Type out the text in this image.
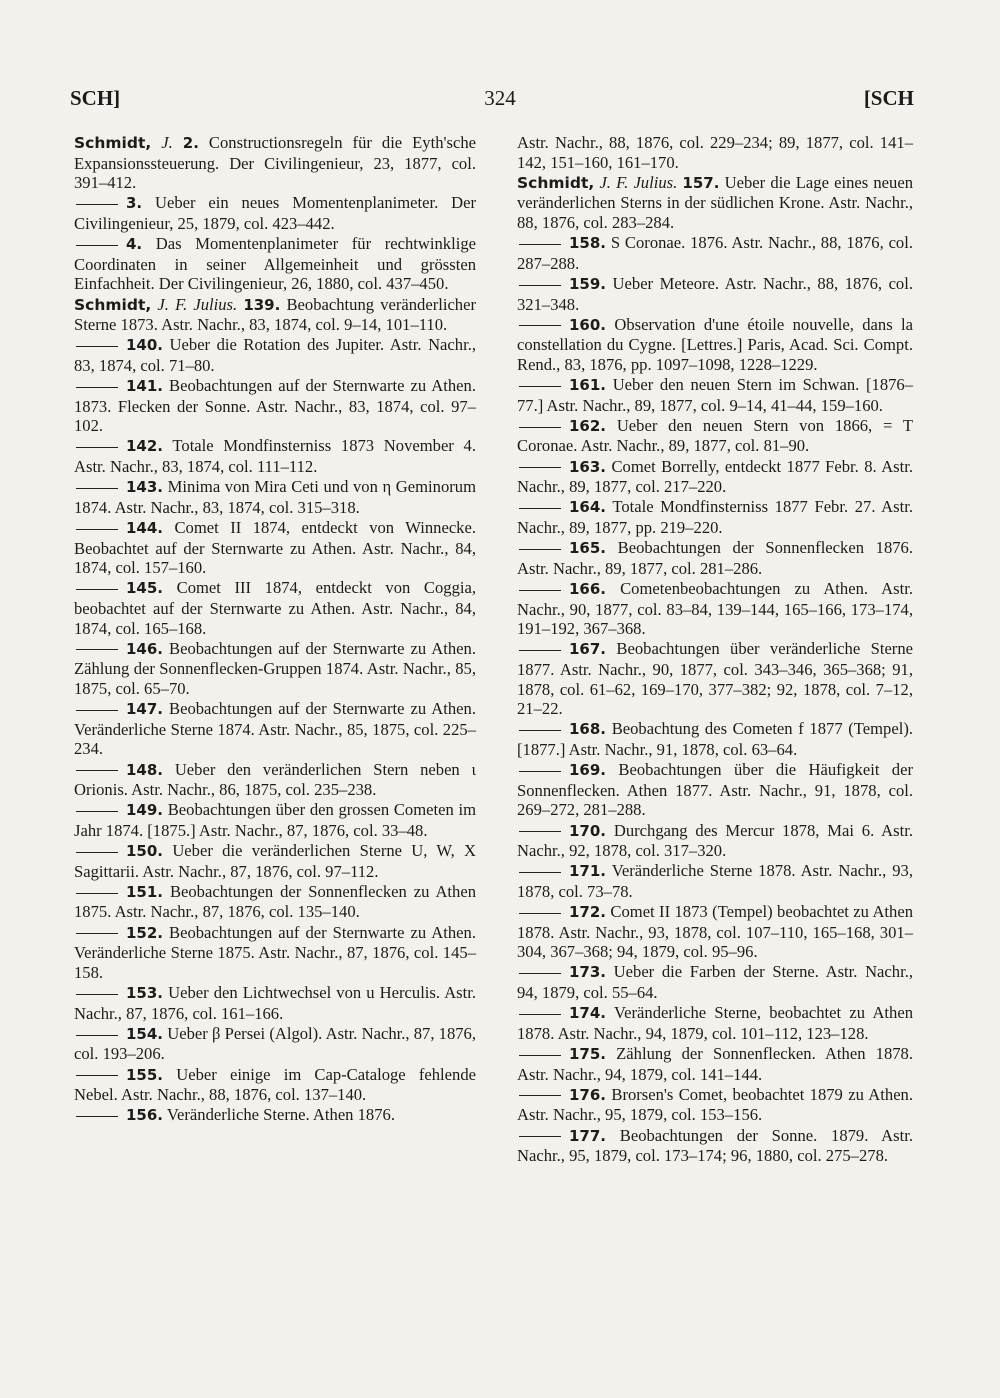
SCH]	324	[SCH
Schmidt, J. 2. Constructionsregeln für die Eyth'sche Expansionssteuerung. Der Civilingenieur, 23, 1877, col. 391–412.
3. Ueber ein neues Momentenplanimeter. Der Civilingenieur, 25, 1879, col. 423–442.
4. Das Momentenplanimeter für rechtwinklige Coordinaten in seiner Allgemeinheit und grössten Einfachheit. Der Civilingenieur, 26, 1880, col. 437–450.
Schmidt, J. F. Julius. 139. Beobachtung veränderlicher Sterne 1873. Astr. Nachr., 83, 1874, col. 9–14, 101–110.
140. Ueber die Rotation des Jupiter. Astr. Nachr., 83, 1874, col. 71–80.
141. Beobachtungen auf der Sternwarte zu Athen. 1873. Flecken der Sonne. Astr. Nachr., 83, 1874, col. 97–102.
142. Totale Mondfinsterniss 1873 November 4. Astr. Nachr., 83, 1874, col. 111–112.
143. Minima von Mira Ceti und von η Geminorum 1874. Astr. Nachr., 83, 1874, col. 315–318.
144. Comet II 1874, entdeckt von Winnecke. Beobachtet auf der Sternwarte zu Athen. Astr. Nachr., 84, 1874, col. 157–160.
145. Comet III 1874, entdeckt von Coggia, beobachtet auf der Sternwarte zu Athen. Astr. Nachr., 84, 1874, col. 165–168.
146. Beobachtungen auf der Sternwarte zu Athen. Zählung der Sonnenflecken-Gruppen 1874. Astr. Nachr., 85, 1875, col. 65–70.
147. Beobachtungen auf der Sternwarte zu Athen. Veränderliche Sterne 1874. Astr. Nachr., 85, 1875, col. 225–234.
148. Ueber den veränderlichen Stern neben ι Orionis. Astr. Nachr., 86, 1875, col. 235–238.
149. Beobachtungen über den grossen Cometen im Jahr 1874. [1875.] Astr. Nachr., 87, 1876, col. 33–48.
150. Ueber die veränderlichen Sterne U, W, X Sagittarii. Astr. Nachr., 87, 1876, col. 97–112.
151. Beobachtungen der Sonnenflecken zu Athen 1875. Astr. Nachr., 87, 1876, col. 135–140.
152. Beobachtungen auf der Sternwarte zu Athen. Veränderliche Sterne 1875. Astr. Nachr., 87, 1876, col. 145–158.
153. Ueber den Lichtwechsel von u Herculis. Astr. Nachr., 87, 1876, col. 161–166.
154. Ueber β Persei (Algol). Astr. Nachr., 87, 1876, col. 193–206.
155. Ueber einige im Cap-Cataloge fehlende Nebel. Astr. Nachr., 88, 1876, col. 137–140.
156. Veränderliche Sterne. Athen 1876.
Astr. Nachr., 88, 1876, col. 229–234; 89, 1877, col. 141–142, 151–160, 161–170.
Schmidt, J. F. Julius. 157. Ueber die Lage eines neuen veränderlichen Sterns in der südlichen Krone. Astr. Nachr., 88, 1876, col. 283–284.
158. S Coronae. 1876. Astr. Nachr., 88, 1876, col. 287–288.
159. Ueber Meteore. Astr. Nachr., 88, 1876, col. 321–348.
160. Observation d'une étoile nouvelle, dans la constellation du Cygne. [Lettres.] Paris, Acad. Sci. Compt. Rend., 83, 1876, pp. 1097–1098, 1228–1229.
161. Ueber den neuen Stern im Schwan. [1876–77.] Astr. Nachr., 89, 1877, col. 9–14, 41–44, 159–160.
162. Ueber den neuen Stern von 1866, = T Coronae. Astr. Nachr., 89, 1877, col. 81–90.
163. Comet Borrelly, entdeckt 1877 Febr. 8. Astr. Nachr., 89, 1877, col. 217–220.
164. Totale Mondfinsterniss 1877 Febr. 27. Astr. Nachr., 89, 1877, pp. 219–220.
165. Beobachtungen der Sonnenflecken 1876. Astr. Nachr., 89, 1877, col. 281–286.
166. Cometenbeobachtungen zu Athen. Astr. Nachr., 90, 1877, col. 83–84, 139–144, 165–166, 173–174, 191–192, 367–368.
167. Beobachtungen über veränderliche Sterne 1877. Astr. Nachr., 90, 1877, col. 343–346, 365–368; 91, 1878, col. 61–62, 169–170, 377–382; 92, 1878, col. 7–12, 21–22.
168. Beobachtung des Cometen f 1877 (Tempel). [1877.] Astr. Nachr., 91, 1878, col. 63–64.
169. Beobachtungen über die Häufigkeit der Sonnenflecken. Athen 1877. Astr. Nachr., 91, 1878, col. 269–272, 281–288.
170. Durchgang des Mercur 1878, Mai 6. Astr. Nachr., 92, 1878, col. 317–320.
171. Veränderliche Sterne 1878. Astr. Nachr., 93, 1878, col. 73–78.
172. Comet II 1873 (Tempel) beobachtet zu Athen 1878. Astr. Nachr., 93, 1878, col. 107–110, 165–168, 301–304, 367–368; 94, 1879, col. 95–96.
173. Ueber die Farben der Sterne. Astr. Nachr., 94, 1879, col. 55–64.
174. Veränderliche Sterne, beobachtet zu Athen 1878. Astr. Nachr., 94, 1879, col. 101–112, 123–128.
175. Zählung der Sonnenflecken. Athen 1878. Astr. Nachr., 94, 1879, col. 141–144.
176. Brorsen's Comet, beobachtet 1879 zu Athen. Astr. Nachr., 95, 1879, col. 153–156.
177. Beobachtungen der Sonne. 1879. Astr. Nachr., 95, 1879, col. 173–174; 96, 1880, col. 275–278.
